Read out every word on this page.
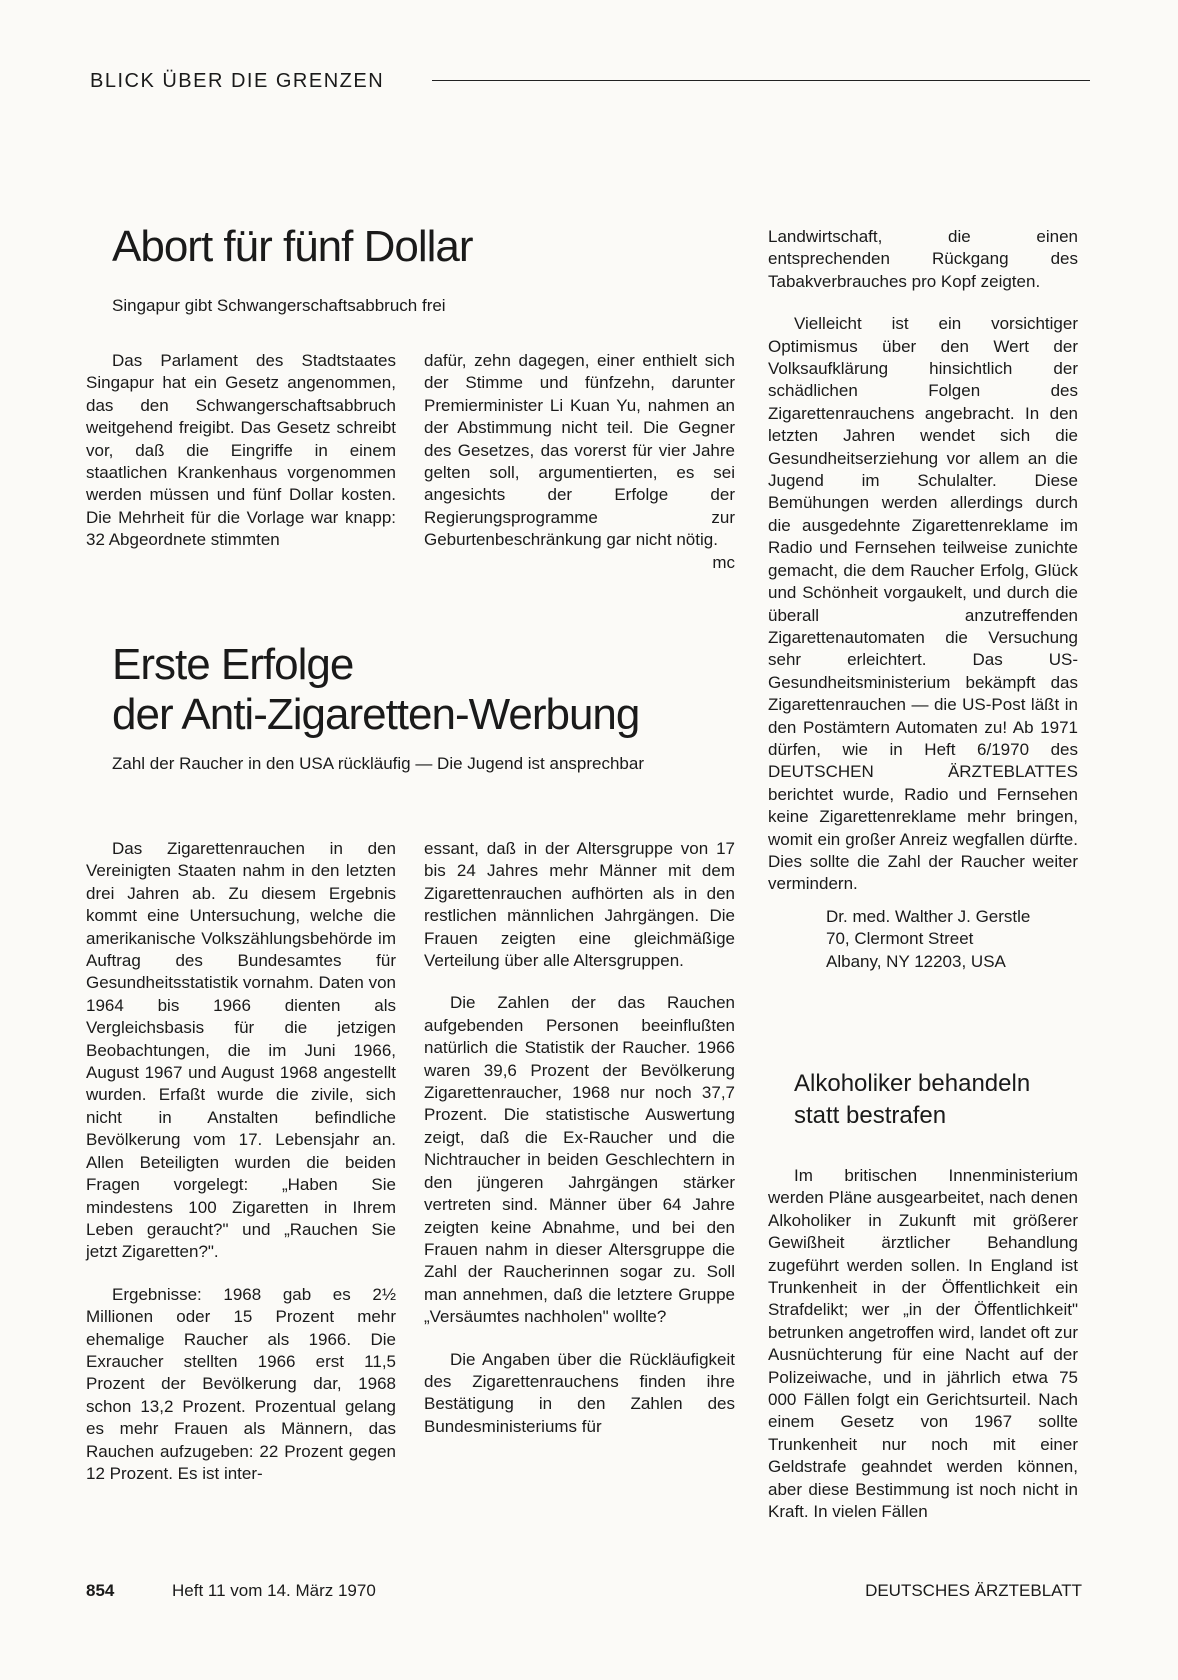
BLICK ÜBER DIE GRENZEN
Abort für fünf Dollar
Singapur gibt Schwangerschaftsabbruch frei

Das Parlament des Stadtstaates Singapur hat ein Gesetz angenommen, das den Schwangerschaftsabbruch weitgehend freigibt. Das Gesetz schreibt vor, daß die Eingriffe in einem staatlichen Krankenhaus vorgenommen werden müssen und fünf Dollar kosten. Die Mehrheit für die Vorlage war knapp: 32 Abgeordnete stimmten

dafür, zehn dagegen, einer enthielt sich der Stimme und fünfzehn, darunter Premierminister Li Kuan Yu, nahmen an der Abstimmung nicht teil. Die Gegner des Gesetzes, das vorerst für vier Jahre gelten soll, argumentierten, es sei angesichts der Erfolge der Regierungsprogramme zur Geburtenbeschränkung gar nicht nötig.

mc

Erste Erfolge
der Anti-Zigaretten-Werbung
Zahl der Raucher in den USA rückläufig — Die Jugend ist ansprechbar

Das Zigarettenrauchen in den Vereinigten Staaten nahm in den letzten drei Jahren ab. Zu diesem Ergebnis kommt eine Untersuchung, welche die amerikanische Volkszählungsbehörde im Auftrag des Bundesamtes für Gesundheitsstatistik vornahm. Daten von 1964 bis 1966 dienten als Vergleichsbasis für die jetzigen Beobachtungen, die im Juni 1966, August 1967 und August 1968 angestellt wurden. Erfaßt wurde die zivile, sich nicht in Anstalten befindliche Bevölkerung vom 17. Lebensjahr an. Allen Beteiligten wurden die beiden Fragen vorgelegt: „Haben Sie mindestens 100 Zigaretten in Ihrem Leben geraucht?" und „Rauchen Sie jetzt Zigaretten?".

Ergebnisse: 1968 gab es 2½ Millionen oder 15 Prozent mehr ehemalige Raucher als 1966. Die Exraucher stellten 1966 erst 11,5 Prozent der Bevölkerung dar, 1968 schon 13,2 Prozent. Prozentual gelang es mehr Frauen als Männern, das Rauchen aufzugeben: 22 Prozent gegen 12 Prozent. Es ist inter-

essant, daß in der Altersgruppe von 17 bis 24 Jahres mehr Männer mit dem Zigarettenrauchen aufhörten als in den restlichen männlichen Jahrgängen. Die Frauen zeigten eine gleichmäßige Verteilung über alle Altersgruppen.

Die Zahlen der das Rauchen aufgebenden Personen beeinflußten natürlich die Statistik der Raucher. 1966 waren 39,6 Prozent der Bevölkerung Zigarettenraucher, 1968 nur noch 37,7 Prozent. Die statistische Auswertung zeigt, daß die Ex-Raucher und die Nichtraucher in beiden Geschlechtern in den jüngeren Jahrgängen stärker vertreten sind. Männer über 64 Jahre zeigten keine Abnahme, und bei den Frauen nahm in dieser Altersgruppe die Zahl der Raucherinnen sogar zu. Soll man annehmen, daß die letztere Gruppe „Versäumtes nachholen" wollte?

Die Angaben über die Rückläufigkeit des Zigarettenrauchens finden ihre Bestätigung in den Zahlen des Bundesministeriums für

Landwirtschaft, die einen entsprechenden Rückgang des Tabakverbrauches pro Kopf zeigten.

Vielleicht ist ein vorsichtiger Optimismus über den Wert der Volksaufklärung hinsichtlich der schädlichen Folgen des Zigarettenrauchens angebracht. In den letzten Jahren wendet sich die Gesundheitserziehung vor allem an die Jugend im Schulalter. Diese Bemühungen werden allerdings durch die ausgedehnte Zigarettenreklame im Radio und Fernsehen teilweise zunichte gemacht, die dem Raucher Erfolg, Glück und Schönheit vorgaukelt, und durch die überall anzutreffenden Zigarettenautomaten die Versuchung sehr erleichtert. Das US-Gesundheitsministerium bekämpft das Zigarettenrauchen — die US-Post läßt in den Postämtern Automaten zu! Ab 1971 dürfen, wie in Heft 6/1970 des DEUTSCHEN ÄRZTEBLATTES berichtet wurde, Radio und Fernsehen keine Zigarettenreklame mehr bringen, womit ein großer Anreiz wegfallen dürfte. Dies sollte die Zahl der Raucher weiter vermindern.

Dr. med. Walther J. Gerstle
70, Clermont Street
Albany, NY 12203, USA
Alkoholiker behandeln
statt bestrafen

Im britischen Innenministerium werden Pläne ausgearbeitet, nach denen Alkoholiker in Zukunft mit größerer Gewißheit ärztlicher Behandlung zugeführt werden sollen. In England ist Trunkenheit in der Öffentlichkeit ein Strafdelikt; wer „in der Öffentlichkeit" betrunken angetroffen wird, landet oft zur Ausnüchterung für eine Nacht auf der Polizeiwache, und in jährlich etwa 75 000 Fällen folgt ein Gerichtsurteil. Nach einem Gesetz von 1967 sollte Trunkenheit nur noch mit einer Geldstrafe geahndet werden können, aber diese Bestimmung ist noch nicht in Kraft. In vielen Fällen

854	Heft 11 vom 14. März 1970	DEUTSCHES ÄRZTEBLATT
